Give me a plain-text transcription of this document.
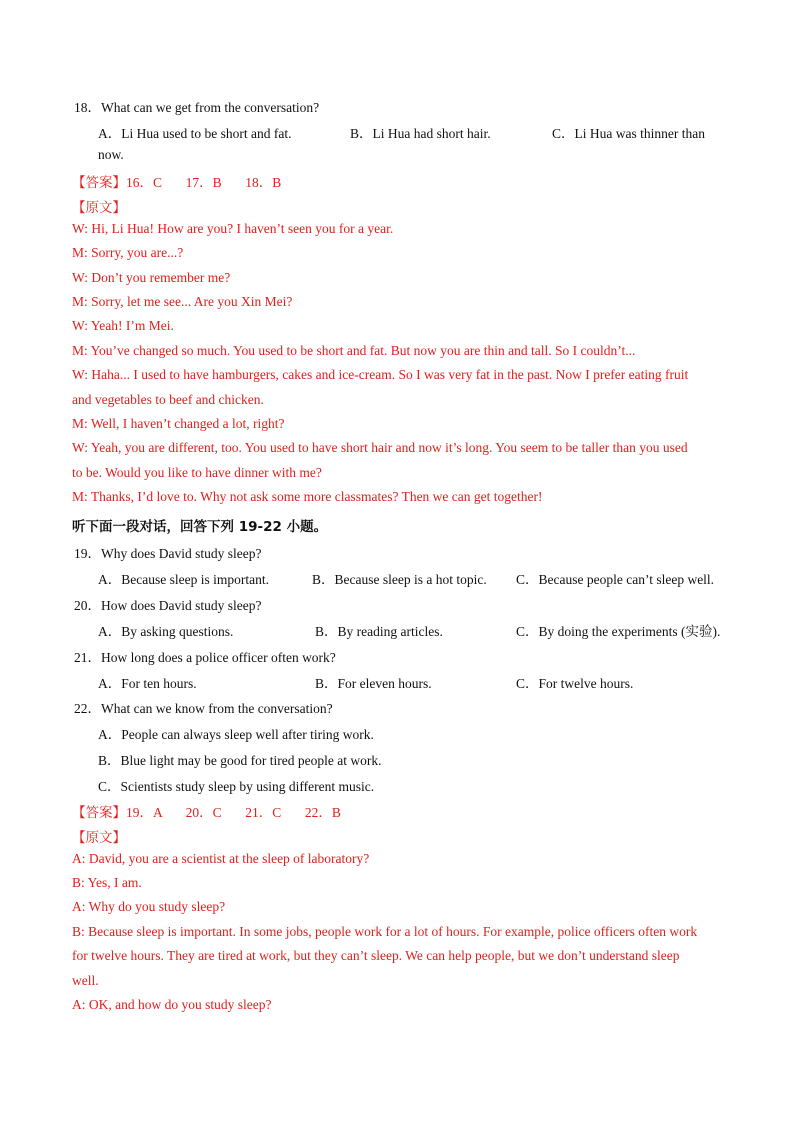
18．What can we get from the conversation?
A．Li Hua used to be short and fat.	B．Li Hua had short hair.	C．Li Hua was thinner than
now.
【答案】16．C       17．B       18．B
【原文】
W: Hi, Li Hua! How are you? I haven’t seen you for a year.
M: Sorry, you are...?
W: Don’t you remember me?
M: Sorry, let me see... Are you Xin Mei?
W: Yeah! I’m Mei.
M: You’ve changed so much. You used to be short and fat. But now you are thin and tall. So I couldn’t...
W: Haha... I used to have hamburgers, cakes and ice-cream. So I was very fat in the past. Now I prefer eating fruit
and vegetables to beef and chicken.
M: Well, I haven’t changed a lot, right?
W: Yeah, you are different, too. You used to have short hair and now it’s long. You seem to be taller than you used
to be. Would you like to have dinner with me?
M: Thanks, I’d love to. Why not ask some more classmates? Then we can get together!
听下面一段对话，回答下列 19-22 小题。
19．Why does David study sleep?
A．Because sleep is important.	B．Because sleep is a hot topic. C．Because people can’t sleep well.
20．How does David study sleep?
A．By asking questions.	B．By reading articles.	C．By doing the experiments (实验).
21．How long does a police officer often work?
A．For ten hours.	B．For eleven hours.	C．For twelve hours.
22．What can we know from the conversation?
A．People can always sleep well after tiring work.
B．Blue light may be good for tired people at work.
C．Scientists study sleep by using different music.
【答案】19．A       20．C       21．C       22．B
【原文】
A: David, you are a scientist at the sleep of laboratory?
B: Yes, I am.
A: Why do you study sleep?
B: Because sleep is important. In some jobs, people work for a lot of hours. For example, police officers often work
for twelve hours. They are tired at work, but they can’t sleep. We can help people, but we don’t understand sleep
well.
A: OK, and how do you study sleep?
